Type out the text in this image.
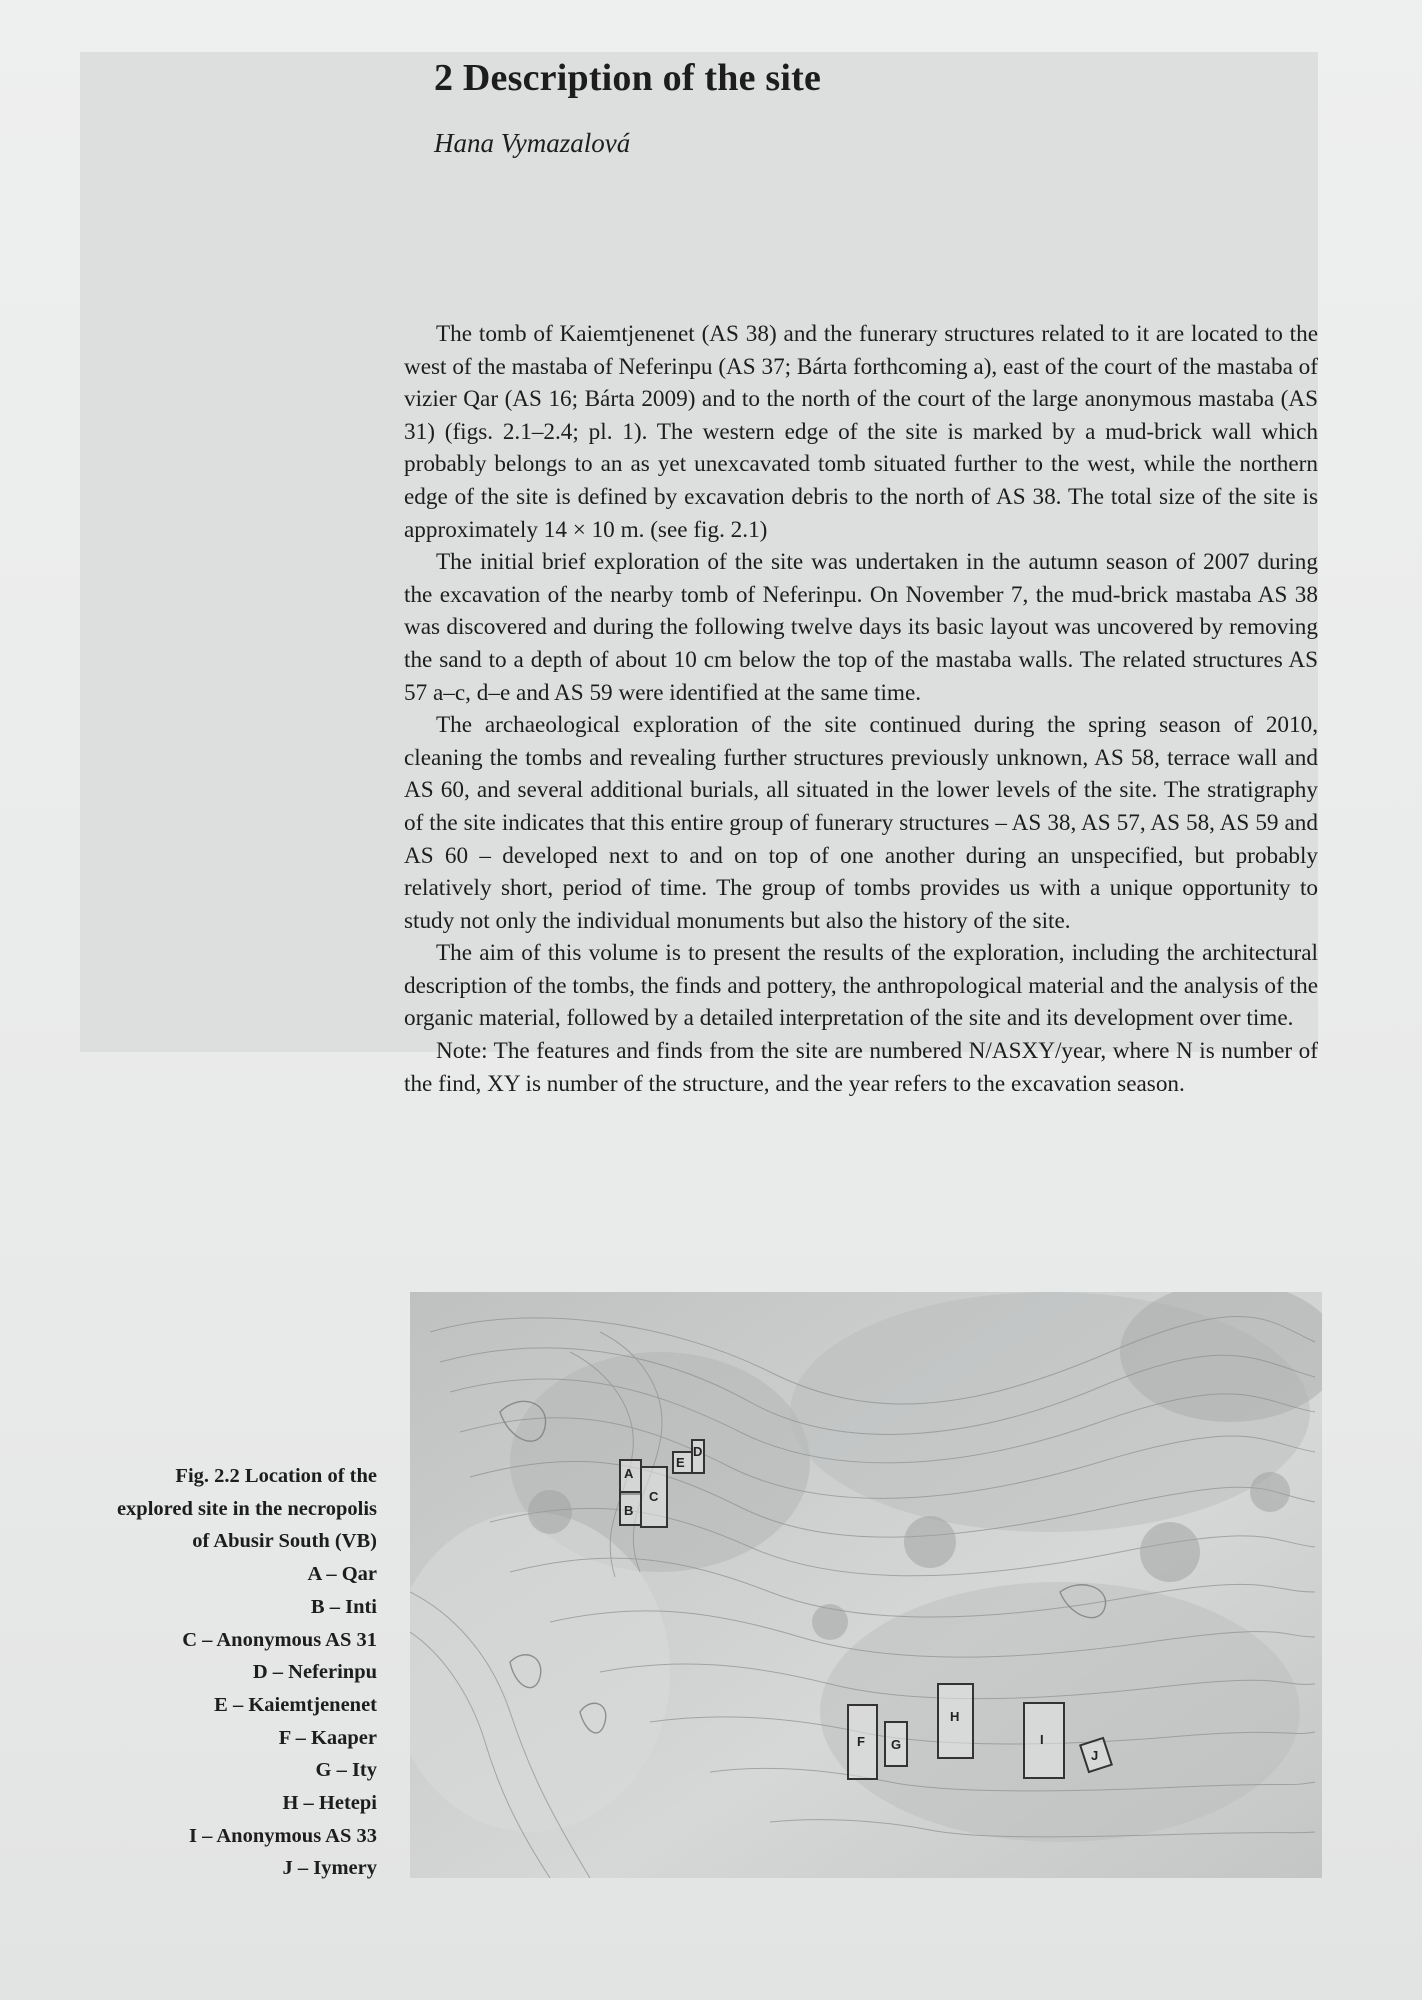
2 Description of the site

Hana Vymazalová

The tomb of Kaiemtjenenet (AS 38) and the funerary structures related to it are located to the west of the mastaba of Neferinpu (AS 37; Bárta forthcoming a), east of the court of the mastaba of vizier Qar (AS 16; Bárta 2009) and to the north of the court of the large anonymous mastaba (AS 31) (figs. 2.1–2.4; pl. 1). The western edge of the site is marked by a mud-brick wall which probably belongs to an as yet unexcavated tomb situated further to the west, while the northern edge of the site is defined by excavation debris to the north of AS 38. The total size of the site is approximately 14 × 10 m. (see fig. 2.1)

The initial brief exploration of the site was undertaken in the autumn season of 2007 during the excavation of the nearby tomb of Neferinpu. On November 7, the mud-brick mastaba AS 38 was discovered and during the following twelve days its basic layout was uncovered by removing the sand to a depth of about 10 cm below the top of the mastaba walls. The related structures AS 57 a–c, d–e and AS 59 were identified at the same time.

The archaeological exploration of the site continued during the spring season of 2010, cleaning the tombs and revealing further structures previously unknown, AS 58, terrace wall and AS 60, and several additional burials, all situated in the lower levels of the site. The stratigraphy of the site indicates that this entire group of funerary structures – AS 38, AS 57, AS 58, AS 59 and AS 60 – developed next to and on top of one another during an unspecified, but probably relatively short, period of time. The group of tombs provides us with a unique opportunity to study not only the individual monuments but also the history of the site.

The aim of this volume is to present the results of the exploration, including the architectural description of the tombs, the finds and pottery, the anthropological material and the analysis of the organic material, followed by a detailed interpretation of the site and its development over time.

Note: The features and finds from the site are numbered N/ASXY/year, where N is number of the find, XY is number of the structure, and the year refers to the excavation season.

Fig. 2.2 Location of the
explored site in the necropolis
of Abusir South (VB)
A – Qar
B – Inti
C – Anonymous AS 31
D – Neferinpu
E – Kaiemtjenenet
F – Kaaper
G – Ity
H – Hetepi
I – Anonymous AS 33
J – Iymery
A
B
C
D
E
F G
H
I
J
